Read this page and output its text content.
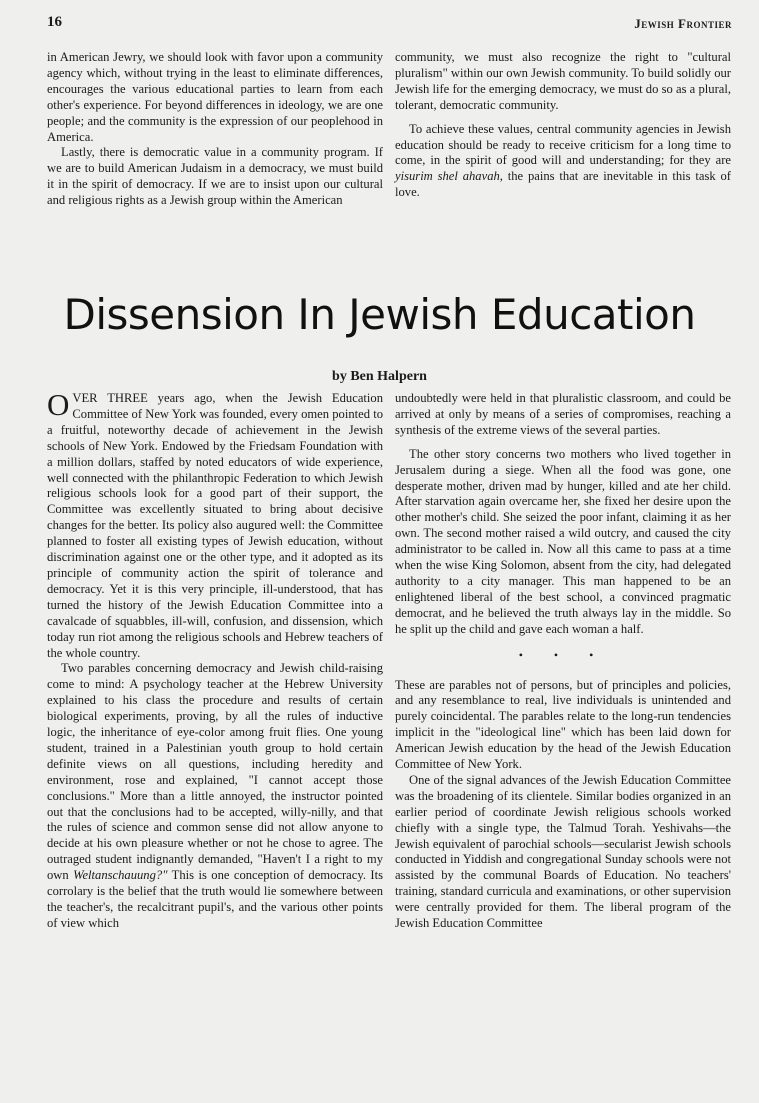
16	Jewish Frontier

in American Jewry, we should look with favor upon a community agency which, without trying in the least to eliminate differences, encourages the various educational parties to learn from each other's experience. For beyond differences in ideology, we are one people; and the community is the expression of our peoplehood in America.

Lastly, there is democratic value in a community program. If we are to build American Judaism in a democracy, we must build it in the spirit of democracy. If we are to insist upon our cultural and religious rights as a Jewish group within the American

community, we must also recognize the right to "cultural pluralism" within our own Jewish community. To build solidly our Jewish life for the emerging democracy, we must do so as a plural, tolerant, democratic community.

To achieve these values, central community agencies in Jewish education should be ready to receive criticism for a long time to come, in the spirit of good will and understanding; for they are yisurim shel ahavah, the pains that are inevitable in this task of love.

Dissension In Jewish Education
by Ben Halpern

OVER THREE years ago, when the Jewish Education Committee of New York was founded, every omen pointed to a fruitful, noteworthy decade of achievement in the Jewish schools of New York. Endowed by the Friedsam Foundation with a million dollars, staffed by noted educators of wide experience, well connected with the philanthropic Federation to which Jewish religious schools look for a good part of their support, the Committee was excellently situated to bring about decisive changes for the better. Its policy also augured well: the Committee planned to foster all existing types of Jewish education, without discrimination against one or the other type, and it adopted as its principle of community action the spirit of tolerance and democracy. Yet it is this very principle, ill-understood, that has turned the history of the Jewish Education Committee into a cavalcade of squabbles, ill-will, confusion, and dissension, which today run riot among the religious schools and Hebrew teachers of the whole country.

Two parables concerning democracy and Jewish child-raising come to mind: A psychology teacher at the Hebrew University explained to his class the procedure and results of certain biological experiments, proving, by all the rules of inductive logic, the inheritance of eye-color among fruit flies. One young student, trained in a Palestinian youth group to hold certain definite views on all questions, including heredity and environment, rose and explained, "I cannot accept those conclusions." More than a little annoyed, the instructor pointed out that the conclusions had to be accepted, willy-nilly, and that the rules of science and common sense did not allow anyone to decide at his own pleasure whether or not he chose to agree. The outraged student indignantly demanded, "Haven't I a right to my own Weltanschauung?" This is one conception of democracy. Its corrolary is the belief that the truth would lie somewhere between the teacher's, the recalcitrant pupil's, and the various other points of view which

undoubtedly were held in that pluralistic classroom, and could be arrived at only by means of a series of compromises, reaching a synthesis of the extreme views of the several parties.

The other story concerns two mothers who lived together in Jerusalem during a siege. When all the food was gone, one desperate mother, driven mad by hunger, killed and ate her child. After starvation again overcame her, she fixed her desire upon the other mother's child. She seized the poor infant, claiming it as her own. The second mother raised a wild outcry, and caused the city administrator to be called in. Now all this came to pass at a time when the wise King Solomon, absent from the city, had delegated authority to a city manager. This man happened to be an enlightened liberal of the best school, a convinced pragmatic democrat, and he believed the truth always lay in the middle. So he split up the child and gave each woman a half.

• • •

These are parables not of persons, but of principles and policies, and any resemblance to real, live individuals is unintended and purely coincidental. The parables relate to the long-run tendencies implicit in the "ideological line" which has been laid down for American Jewish education by the head of the Jewish Education Committee of New York.

One of the signal advances of the Jewish Education Committee was the broadening of its clientele. Similar bodies organized in an earlier period of coordinate Jewish religious schools worked chiefly with a single type, the Talmud Torah. Yeshivahs—the Jewish equivalent of parochial schools—secularist Jewish schools conducted in Yiddish and congregational Sunday schools were not assisted by the communal Boards of Education. No teachers' training, standard curricula and examinations, or other supervision were centrally provided for them. The liberal program of the Jewish Education Committee
